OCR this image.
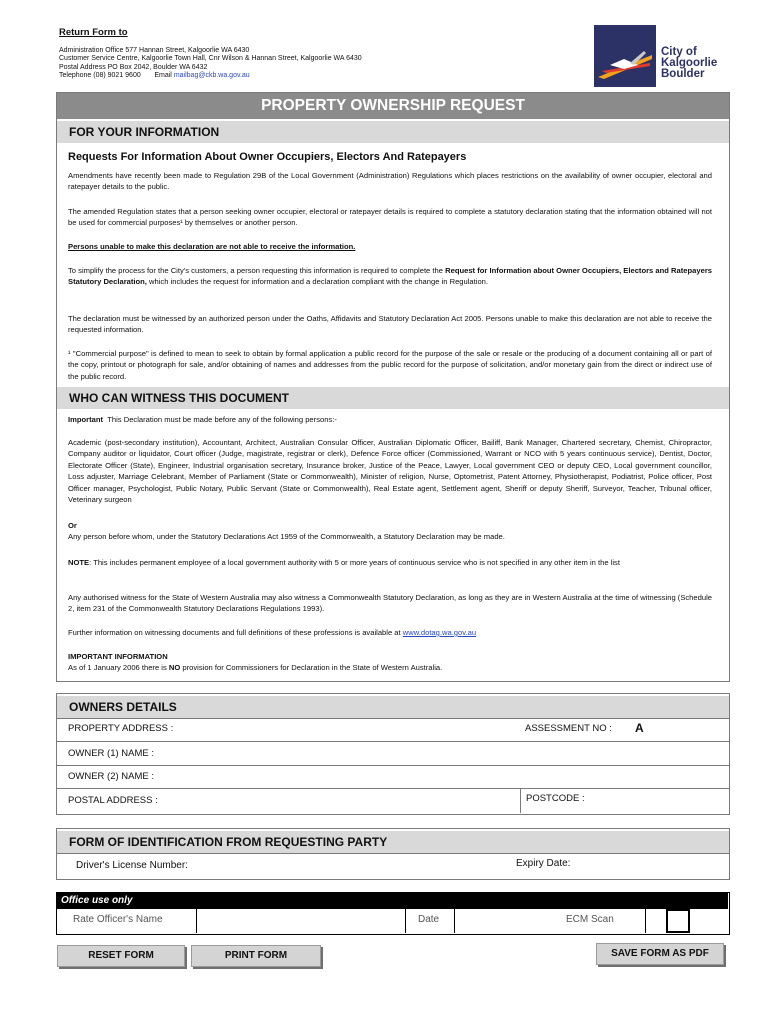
Return Form to
Administration Office 577 Hannan Street, Kalgoorlie WA 6430
Customer Service Centre, Kalgoorlie Town Hall, Cnr Wilson & Hannan Street, Kalgoorlie WA 6430
Postal Address PO Box 2042, Boulder WA 6432
Telephone (08) 9021 9600 Email mailbag@ckb.wa.gov.au
City of
Kalgoorlie
Boulder
PROPERTY OWNERSHIP REQUEST
FOR YOUR INFORMATION
Requests For Information About Owner Occupiers, Electors And Ratepayers
Amendments have recently been made to Regulation 29B of the Local Government (Administration) Regulations which places restrictions on the availability of owner occupier, electoral and ratepayer details to the public.
The amended Regulation states that a person seeking owner occupier, electoral or ratepayer details is required to complete a statutory declaration stating that the information obtained will not be used for commercial purposes¹ by themselves or another person.
Persons unable to make this declaration are not able to receive the information.
To simplify the process for the City's customers, a person requesting this information is required to complete the Request for Information about Owner Occupiers, Electors and Ratepayers Statutory Declaration, which includes the request for information and a declaration compliant with the change in Regulation.
The declaration must be witnessed by an authorized person under the Oaths, Affidavits and Statutory Declaration Act 2005. Persons unable to make this declaration are not able to receive the requested information.
¹ "Commercial purpose" is defined to mean to seek to obtain by formal application a public record for the purpose of the sale or resale or the producing of a document containing all or part of the copy, printout or photograph for sale, and/or obtaining of names and addresses from the public record for the purpose of solicitation, and/or monetary gain from the direct or indirect use of the public record.
WHO CAN WITNESS THIS DOCUMENT
Important This Declaration must be made before any of the following persons:-
Academic (post-secondary institution), Accountant, Architect, Australian Consular Officer, Australian Diplomatic Officer, Bailiff, Bank Manager, Chartered secretary, Chemist, Chiropractor, Company auditor or liquidator, Court officer (Judge, magistrate, registrar or clerk), Defence Force officer (Commissioned, Warrant or NCO with 5 years continuous service), Dentist, Doctor, Electorate Officer (State), Engineer, Industrial organisation secretary, Insurance broker, Justice of the Peace, Lawyer, Local government CEO or deputy CEO, Local government councillor, Loss adjuster, Marriage Celebrant, Member of Parliament (State or Commonwealth), Minister of religion, Nurse, Optometrist, Patent Attorney, Physiotherapist, Podiatrist, Police officer, Post Officer manager, Psychologist, Public Notary, Public Servant (State or Commonwealth), Real Estate agent, Settlement agent, Sheriff or deputy Sheriff, Surveyor, Teacher, Tribunal officer, Veterinary surgeon
Or
Any person before whom, under the Statutory Declarations Act 1959 of the Commonwealth, a Statutory Declaration may be made.
NOTE: This includes permanent employee of a local government authority with 5 or more years of continuous service who is not specified in any other item in the list
Any authorised witness for the State of Western Australia may also witness a Commonwealth Statutory Declaration, as long as they are in Western Australia at the time of witnessing (Schedule 2, item 231 of the Commonwealth Statutory Declarations Regulations 1993).
Further information on witnessing documents and full definitions of these professions is available at www.dotag.wa.gov.au
IMPORTANT INFORMATION
As of 1 January 2006 there is NO provision for Commissioners for Declaration in the State of Western Australia.
OWNERS DETAILS
PROPERTY ADDRESS :	ASSESSMENT NO : A
OWNER (1) NAME :
OWNER (2) NAME :
POSTAL ADDRESS :	POSTCODE :
FORM OF IDENTIFICATION FROM REQUESTING PARTY
Driver's License Number:	Expiry Date:
Office use only
Rate Officer's Name	Date	ECM Scan
RESET FORM	PRINT FORM	SAVE FORM AS PDF
